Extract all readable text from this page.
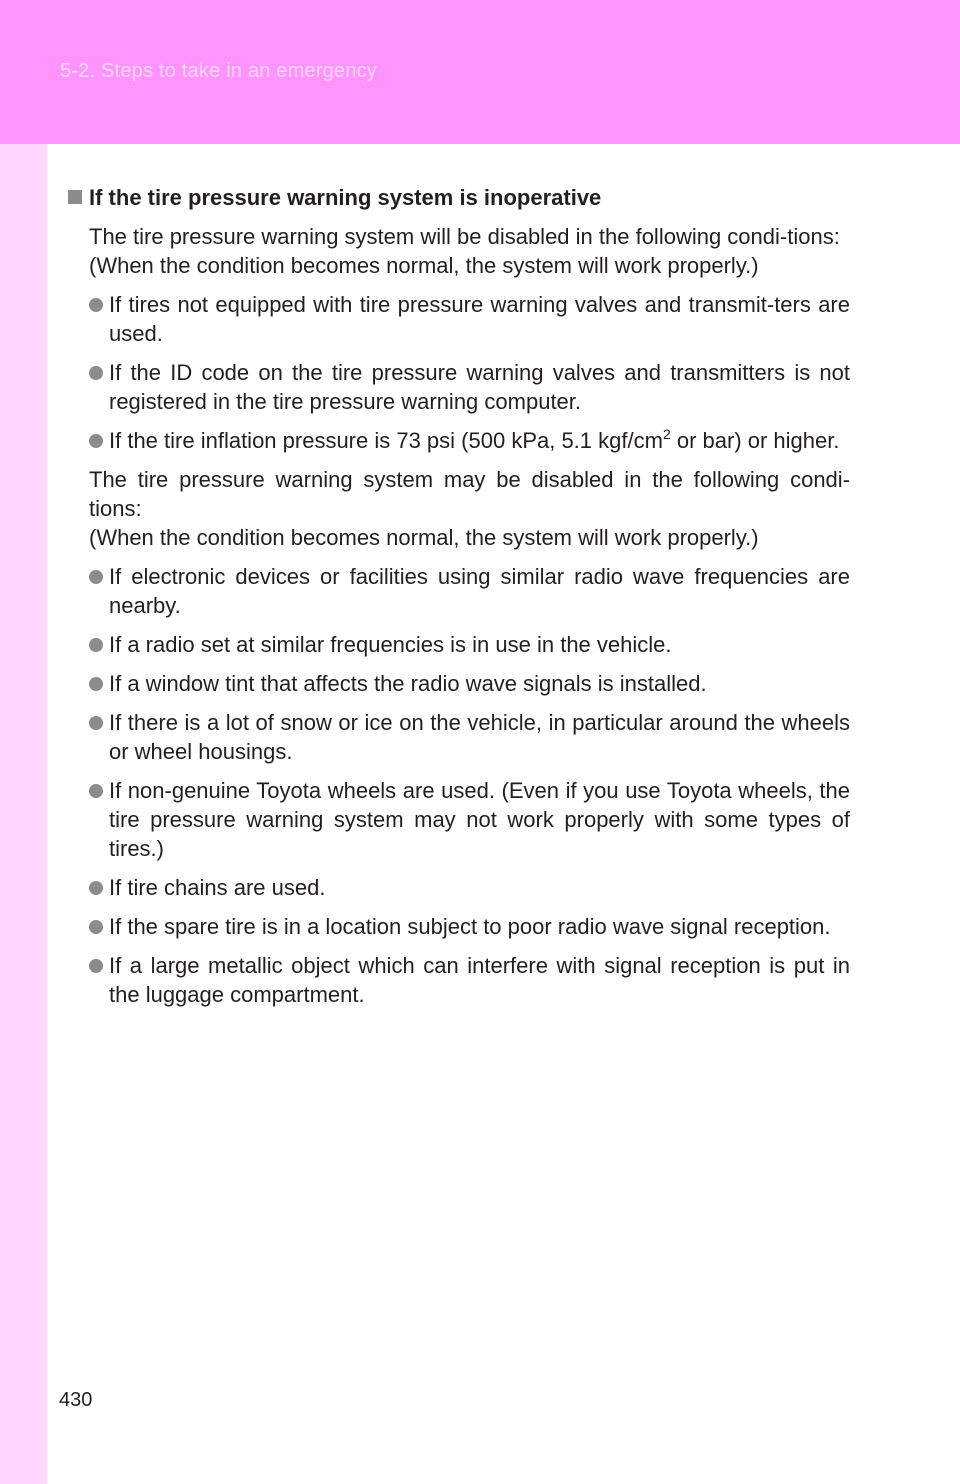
5-2. Steps to take in an emergency
If the tire pressure warning system is inoperative
The tire pressure warning system will be disabled in the following condi-tions:
(When the condition becomes normal, the system will work properly.)
If tires not equipped with tire pressure warning valves and transmit-ters are used.
If the ID code on the tire pressure warning valves and transmitters is not registered in the tire pressure warning computer.
If the tire inflation pressure is 73 psi (500 kPa, 5.1 kgf/$cm^2$ or bar) or higher.
The tire pressure warning system may be disabled in the following condi-tions:
(When the condition becomes normal, the system will work properly.)
If electronic devices or facilities using similar radio wave frequencies are nearby.
If a radio set at similar frequencies is in use in the vehicle.
If a window tint that affects the radio wave signals is installed.
If there is a lot of snow or ice on the vehicle, in particular around the wheels or wheel housings.
If non-genuine Toyota wheels are used. (Even if you use Toyota wheels, the tire pressure warning system may not work properly with some types of tires.)
If tire chains are used.
If the spare tire is in a location subject to poor radio wave signal reception.
If a large metallic object which can interfere with signal reception is put in the luggage compartment.
430
